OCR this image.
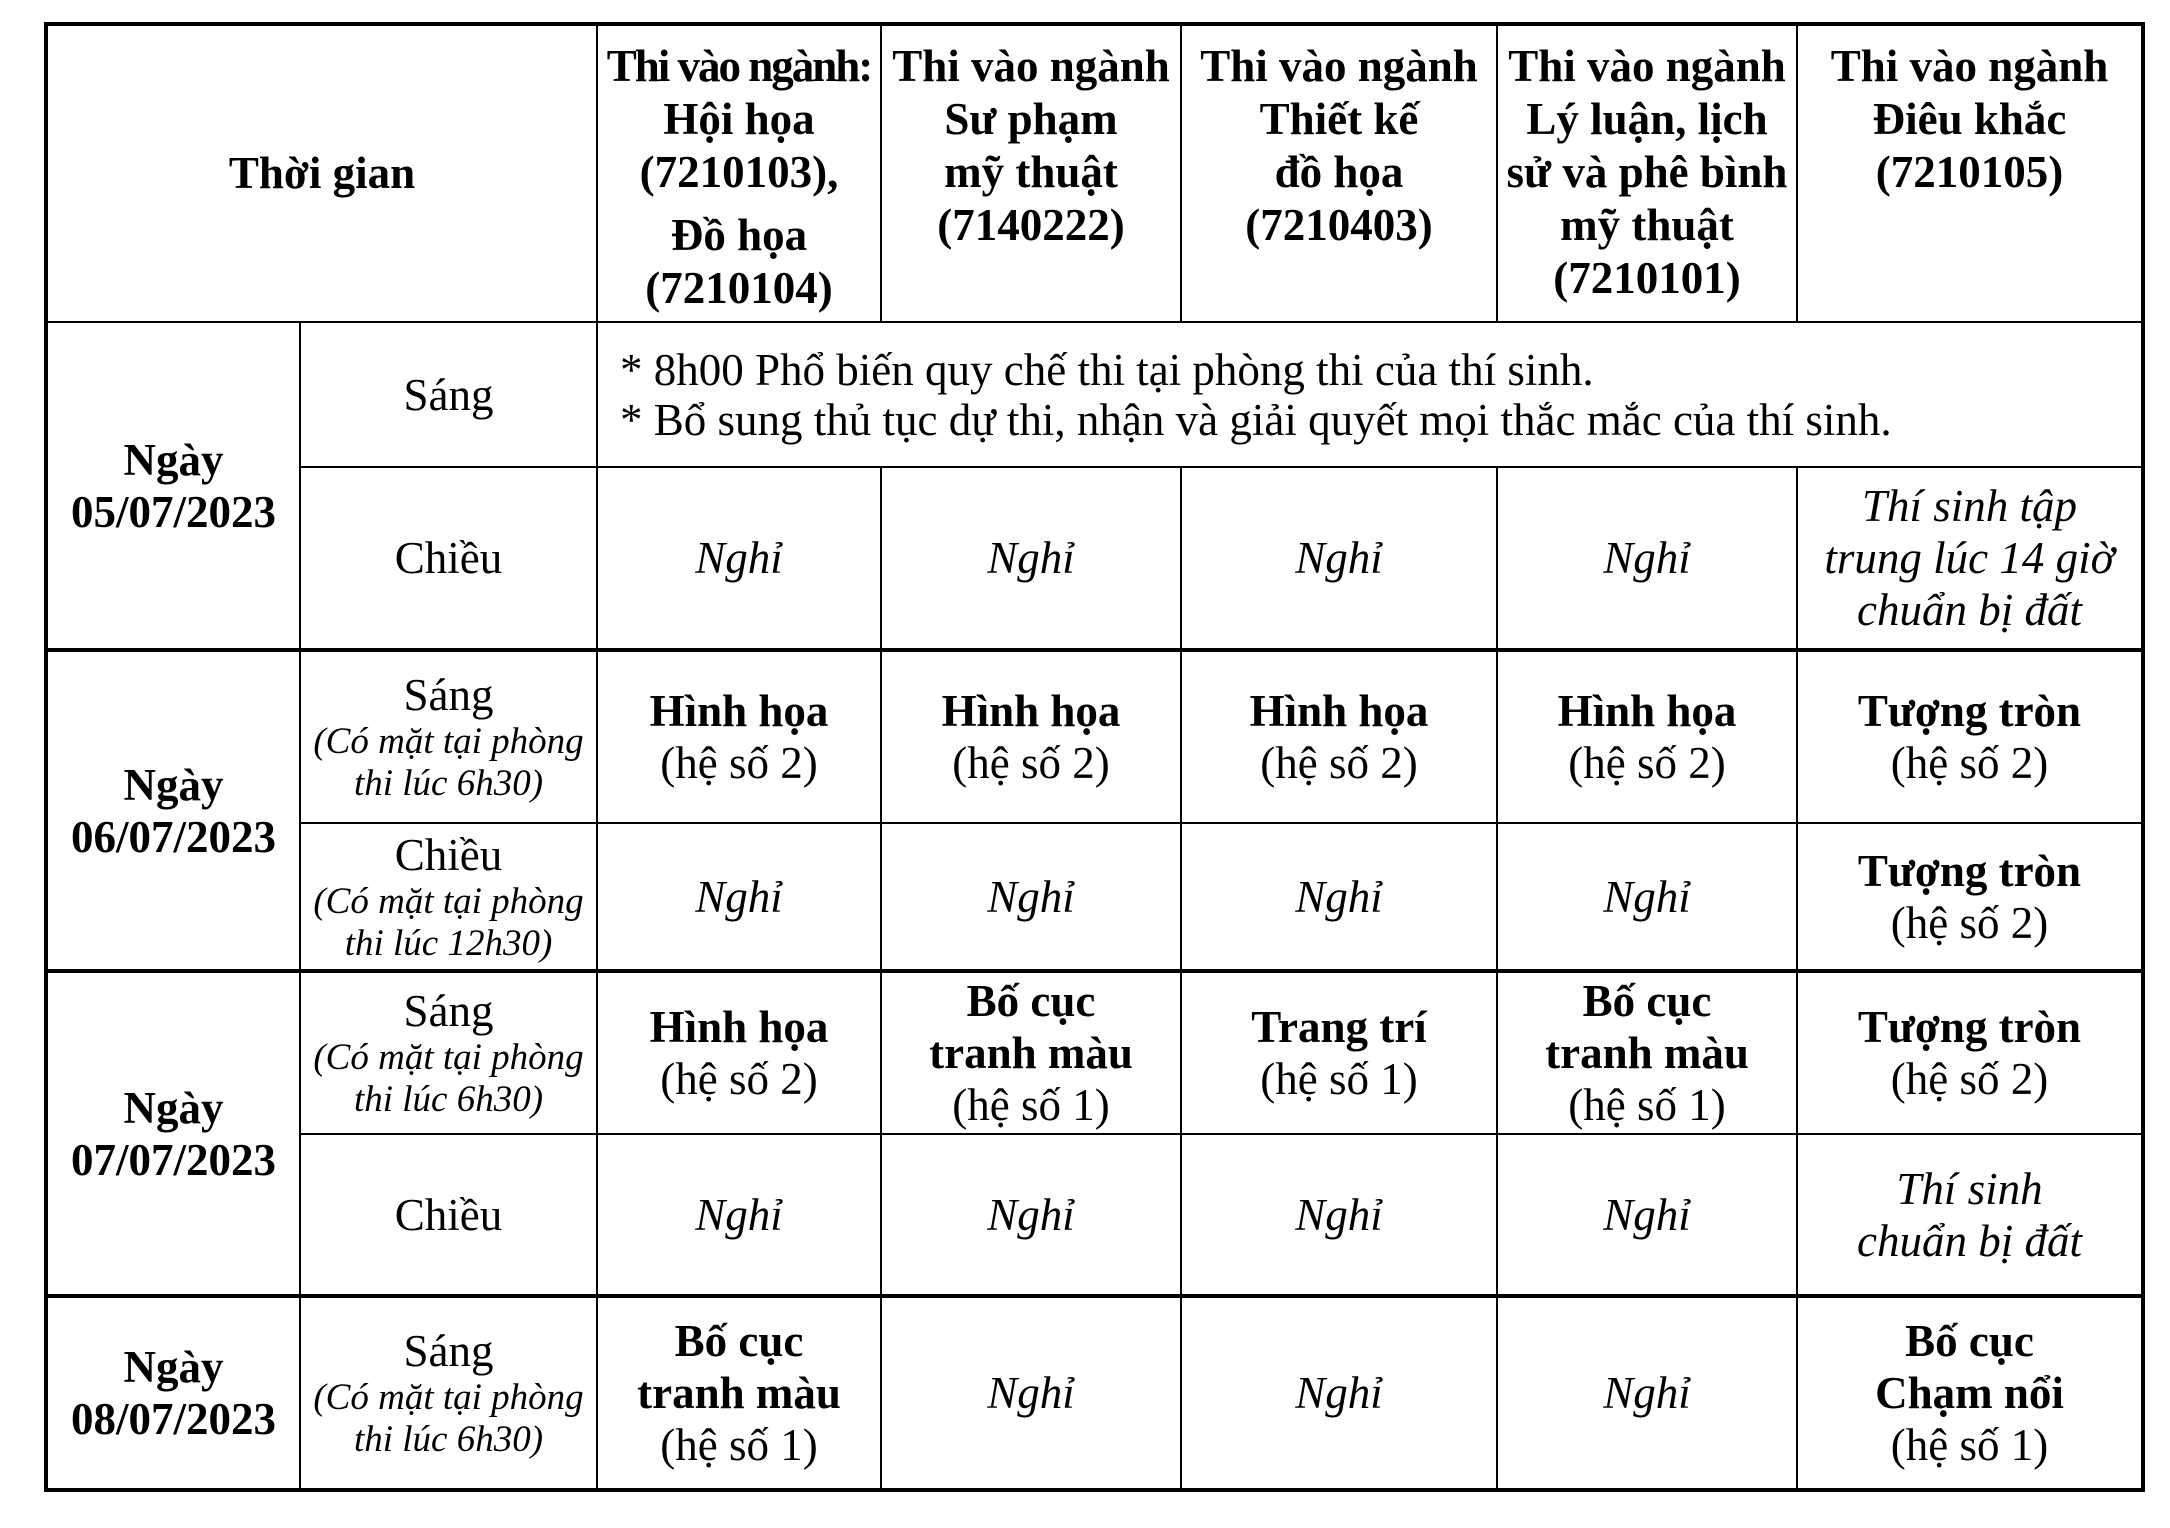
Thời gian		Thi vào ngành:
Hội họa
(7210103),
Đồ họa
(7210104)	Thi vào ngành
Sư phạm
mỹ thuật
(7140222)	Thi vào ngành
Thiết kế
đồ họa
(7210403)	Thi vào ngành
Lý luận, lịch
sử và phê bình
mỹ thuật
(7210101)	Thi vào ngành
Điêu khắc
(7210105)

Ngày
05/07/2023	Sáng	* 8h00 Phổ biến quy chế thi tại phòng thi của thí sinh.
* Bổ sung thủ tục dự thi, nhận và giải quyết mọi thắc mắc của thí sinh.				

	Chiều	Nghỉ	Nghỉ	Nghỉ	Nghỉ	Thí sinh tập
trung lúc 14 giờ
chuẩn bị đất

Ngày
06/07/2023	Sáng
(Có mặt tại phòng
thi lúc 6h30)	Hình họa
(hệ số 2)	Hình họa
(hệ số 2)	Hình họa
(hệ số 2)	Hình họa
(hệ số 2)	Tượng tròn
(hệ số 2)

	Chiều
(Có mặt tại phòng
thi lúc 12h30)	Nghỉ	Nghỉ	Nghỉ	Nghỉ	Tượng tròn
(hệ số 2)

Ngày
07/07/2023	Sáng
(Có mặt tại phòng
thi lúc 6h30)	Hình họa
(hệ số 2)	Bố cục
tranh màu
(hệ số 1)	Trang trí
(hệ số 1)	Bố cục
tranh màu
(hệ số 1)	Tượng tròn
(hệ số 2)

	Chiều	Nghỉ	Nghỉ	Nghỉ	Nghỉ	Thí sinh
chuẩn bị đất

Ngày
08/07/2023	Sáng
(Có mặt tại phòng
thi lúc 6h30)	Bố cục
tranh màu
(hệ số 1)	Nghỉ	Nghỉ	Nghỉ	Bố cục
Chạm nổi
(hệ số 1)
